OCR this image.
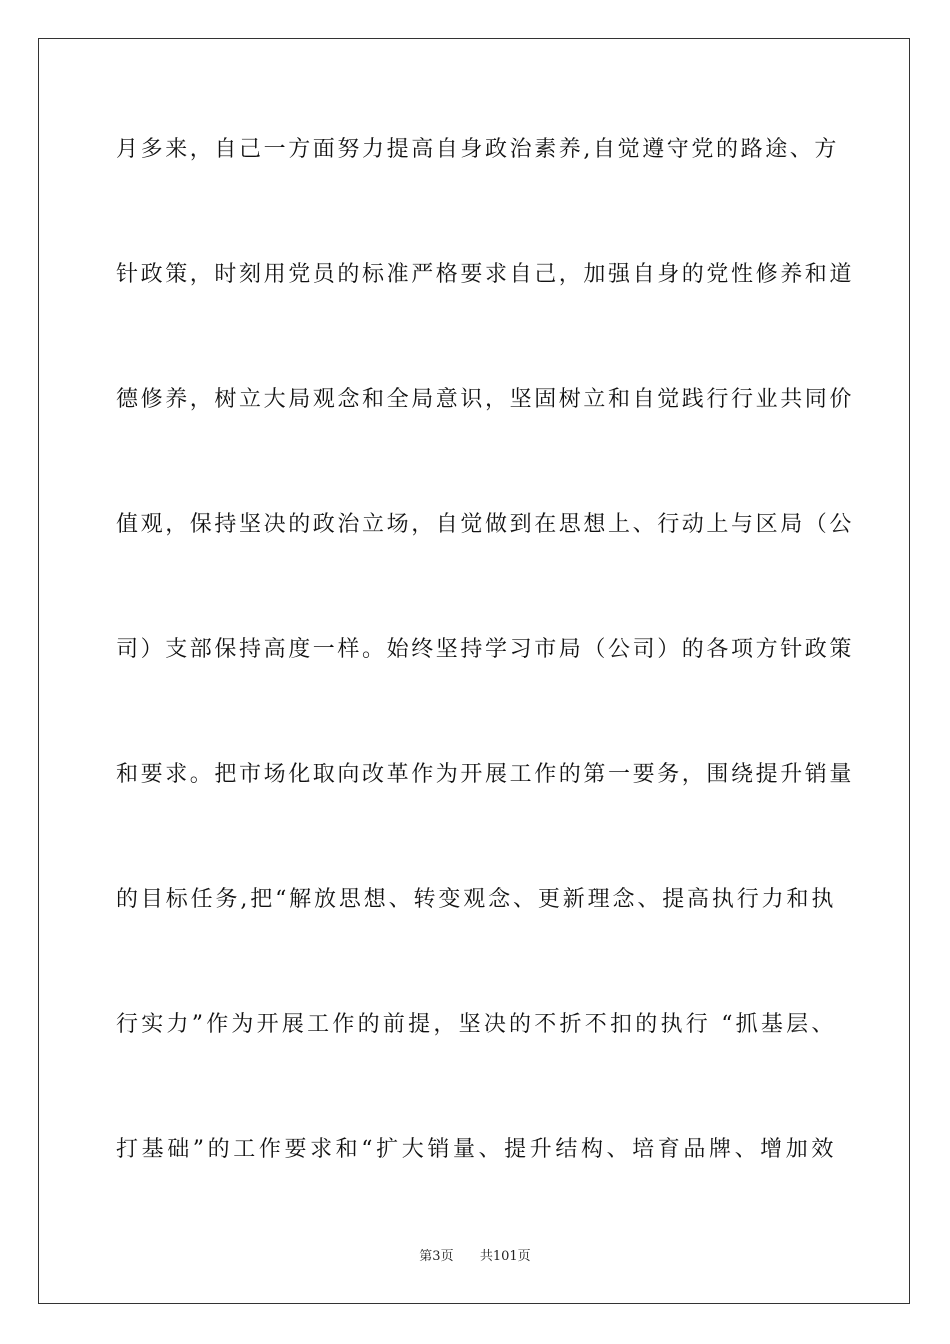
月多来，自己一方面努力提高自身政治素养,自觉遵守党的路途、方
针政策，时刻用党员的标准严格要求自己，加强自身的党性修养和道
德修养，树立大局观念和全局意识，坚固树立和自觉践行行业共同价
值观，保持坚决的政治立场，自觉做到在思想上、行动上与区局（公
司）支部保持高度一样。始终坚持学习市局（公司）的各项方针政策
和要求。把市场化取向改革作为开展工作的第一要务，围绕提升销量
的目标任务,把“解放思想、转变观念、更新理念、提高执行力和执
行实力”作为开展工作的前提，坚决的不折不扣的执行 “抓基层、
打基础”的工作要求和“扩大销量、提升结构、培育品牌、增加效
第3页 共101页
